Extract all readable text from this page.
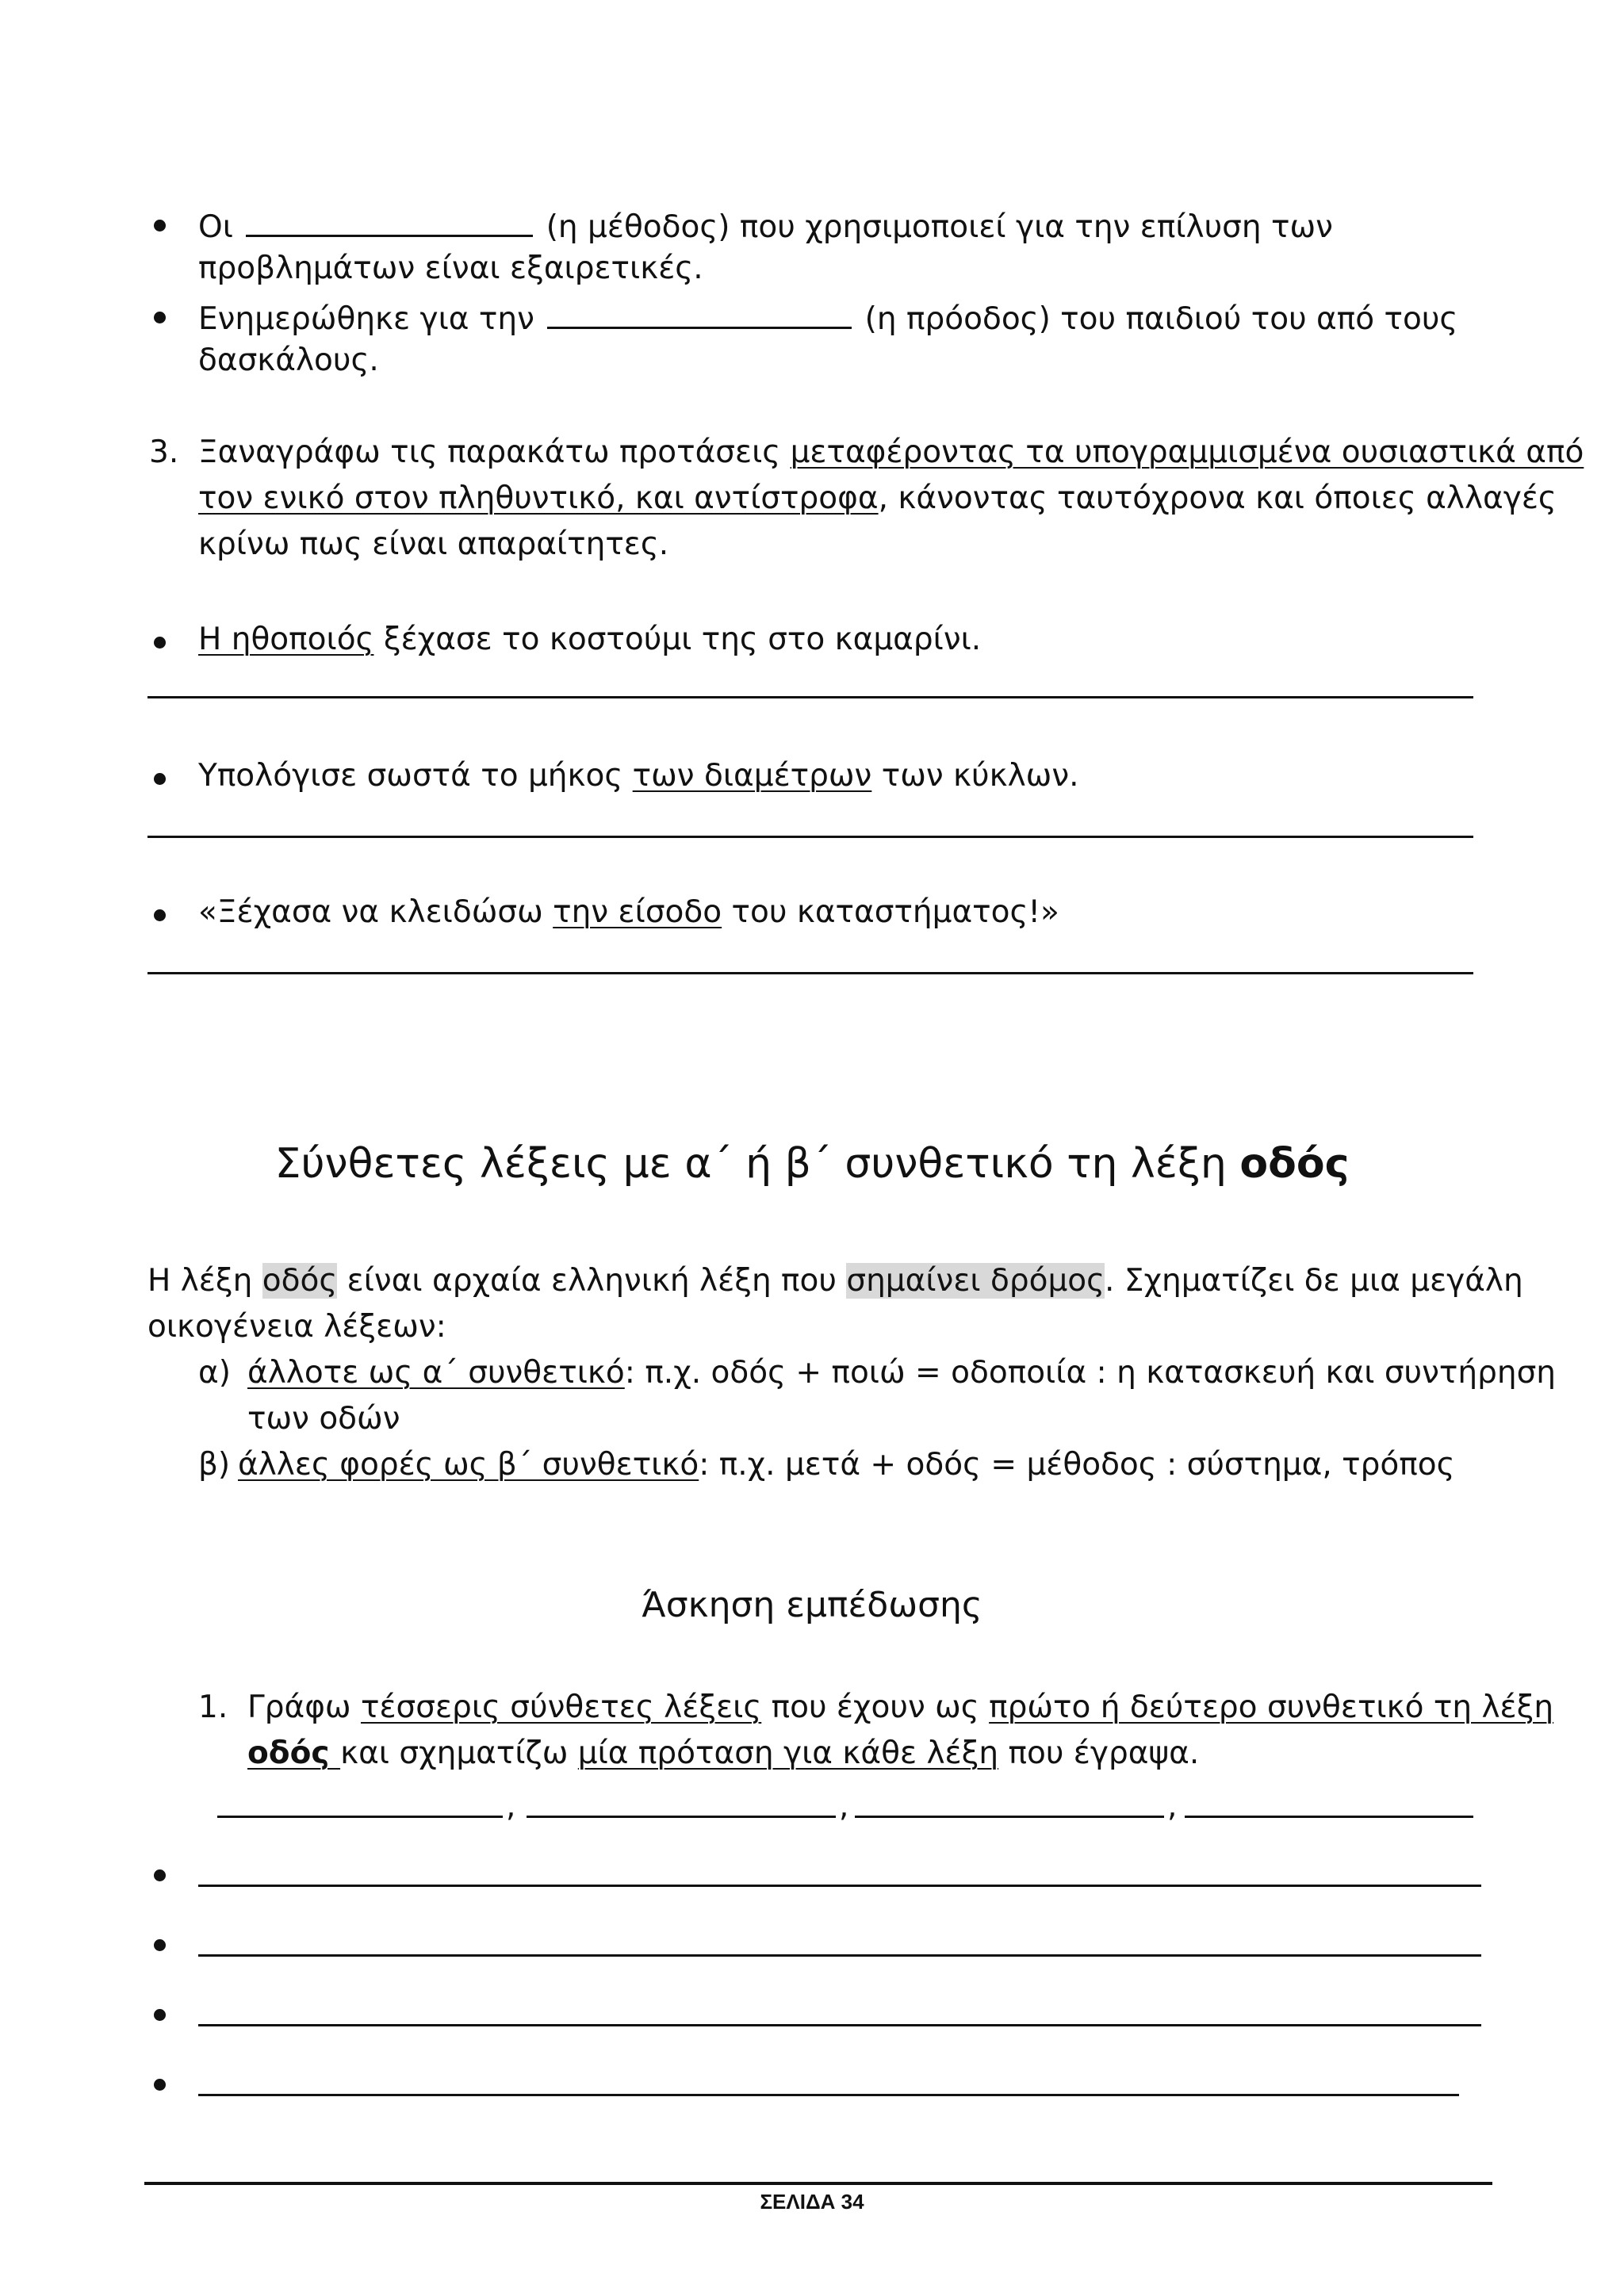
Οι	(η μέθοδος) που χρησιμοποιεί για την επίλυση των
προβλημάτων είναι εξαιρετικές.
Ενημερώθηκε για την	(η πρόοδος) του παιδιού του από τους
δασκάλους.
3. Ξαναγράφω τις παρακάτω προτάσεις μεταφέροντας τα υπογραμμισμένα ουσιαστικά από
τον ενικό στον πληθυντικό, και αντίστροφα, κάνοντας ταυτόχρονα και όποιες αλλαγές
κρίνω πως είναι απαραίτητες.
Η ηθοποιός ξέχασε το κοστούμι της στο καμαρίνι.
Υπολόγισε σωστά το μήκος των διαμέτρων των κύκλων.
«Ξέχασα να κλειδώσω την είσοδο του καταστήματος!»
Σύνθετες λέξεις με α΄ ή β΄ συνθετικό τη λέξη οδός
Η λέξη οδός είναι αρχαία ελληνική λέξη που σημαίνει δρόμος. Σχηματίζει δε μια μεγάλη
οικογένεια λέξεων:
α) άλλοτε ως α΄ συνθετικό: π.χ. οδός + ποιώ = οδοποιία : η κατασκευή και συντήρηση
των οδών
β) άλλες φορές ως β΄ συνθετικό: π.χ. μετά + οδός = μέθοδος : σύστημα, τρόπος
Άσκηση εμπέδωσης
1. Γράφω τέσσερις σύνθετες λέξεις που έχουν ως πρώτο ή δεύτερο συνθετικό τη λέξη
οδός και σχηματίζω μία πρόταση για κάθε λέξη που έγραψα.
,	,	,
ΣΕΛΙΔΑ 34
